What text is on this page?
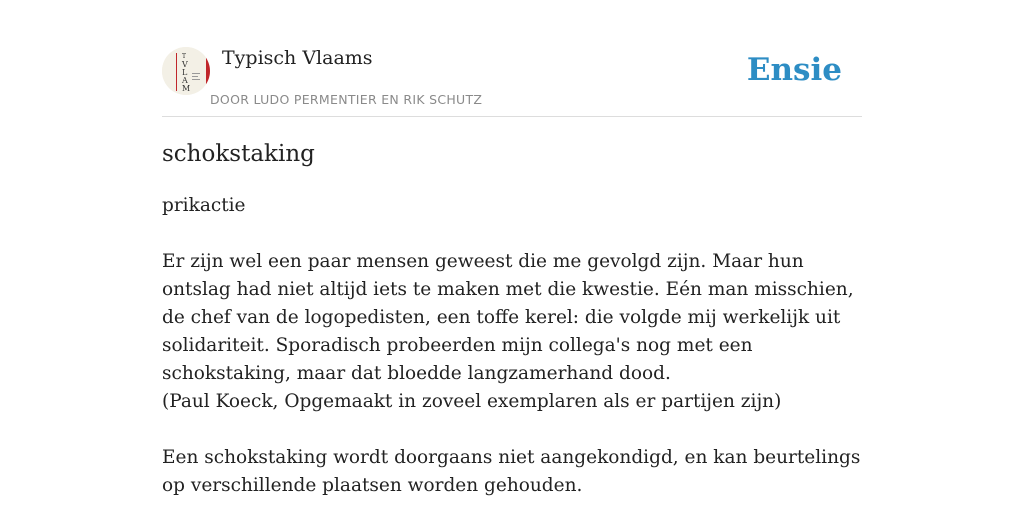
T
V
L
A
M
Typisch Vlaams
DOOR LUDO PERMENTIER EN RIK SCHUTZ
Ensie
schokstaking

prikactie

Er zijn wel een paar mensen geweest die me gevolgd zijn. Maar hun ontslag had niet altijd iets te maken met die kwestie. Eén man misschien, de chef van de logopedisten, een toffe kerel: die volgde mij werkelijk uit solidariteit. Sporadisch probeerden mijn collega's nog met een schokstaking, maar dat bloedde langzamerhand dood.
(Paul Koeck, Opgemaakt in zoveel exemplaren als er partijen zijn)

Een schokstaking wordt doorgaans niet aangekondigd, en kan beurtelings op verschillende plaatsen worden gehouden.
